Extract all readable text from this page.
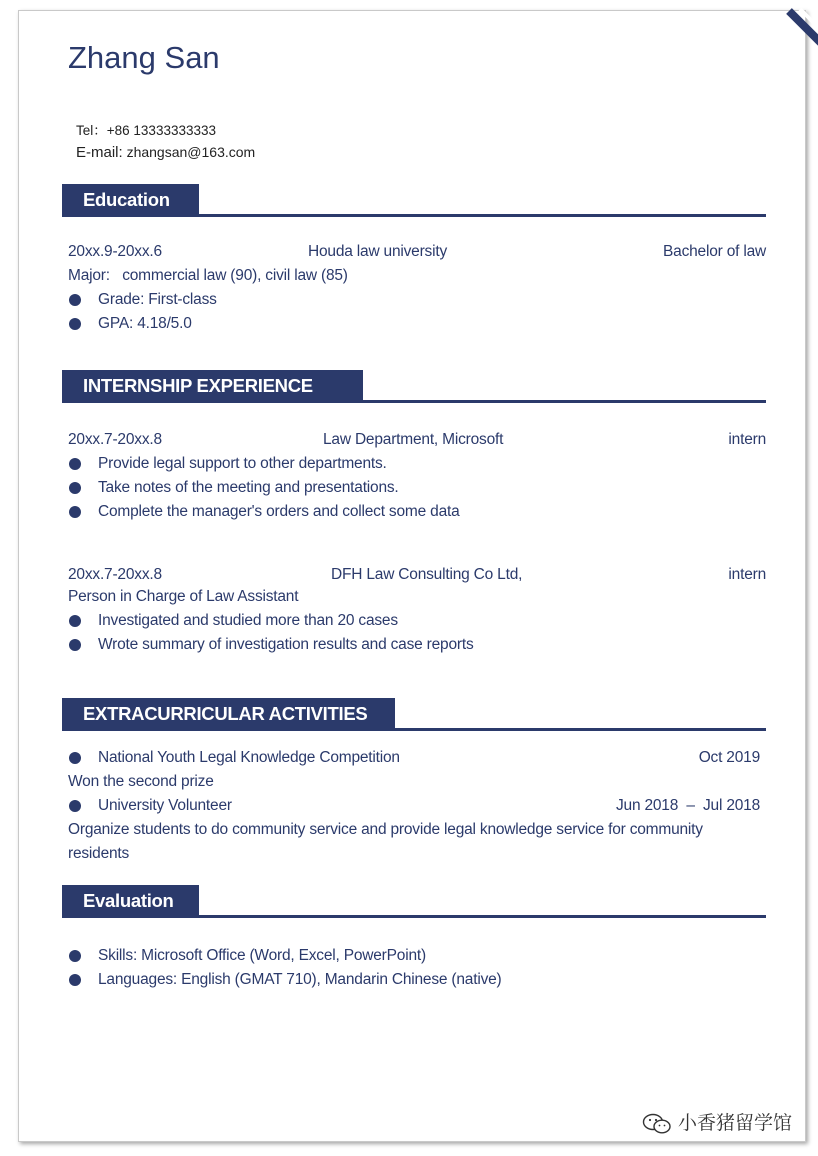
Zhang San
Tel：+86 13333333333
E-mail: zhangsan@163.com
Education
20xx.9-20xx.6	Houda law university	Bachelor of law
Major: commercial law (90), civil law (85)
Grade: First-class
GPA: 4.18/5.0
INTERNSHIP EXPERIENCE
20xx.7-20xx.8	Law Department, Microsoft	intern
Provide legal support to other departments.
Take notes of the meeting and presentations.
Complete the manager's orders and collect some data
20xx.7-20xx.8	DFH Law Consulting Co Ltd,	intern
Person in Charge of Law Assistant
Investigated and studied more than 20 cases
Wrote summary of investigation results and case reports
EXTRACURRICULAR ACTIVITIES
National Youth Legal Knowledge Competition	Oct 2019
Won the second prize
University Volunteer	Jun 2018  –  Jul 2018
Organize students to do community service and provide legal knowledge service for community
residents
Evaluation
Skills: Microsoft Office (Word, Excel, PowerPoint)
Languages: English (GMAT 710), Mandarin Chinese (native)
小香猪留学馆
